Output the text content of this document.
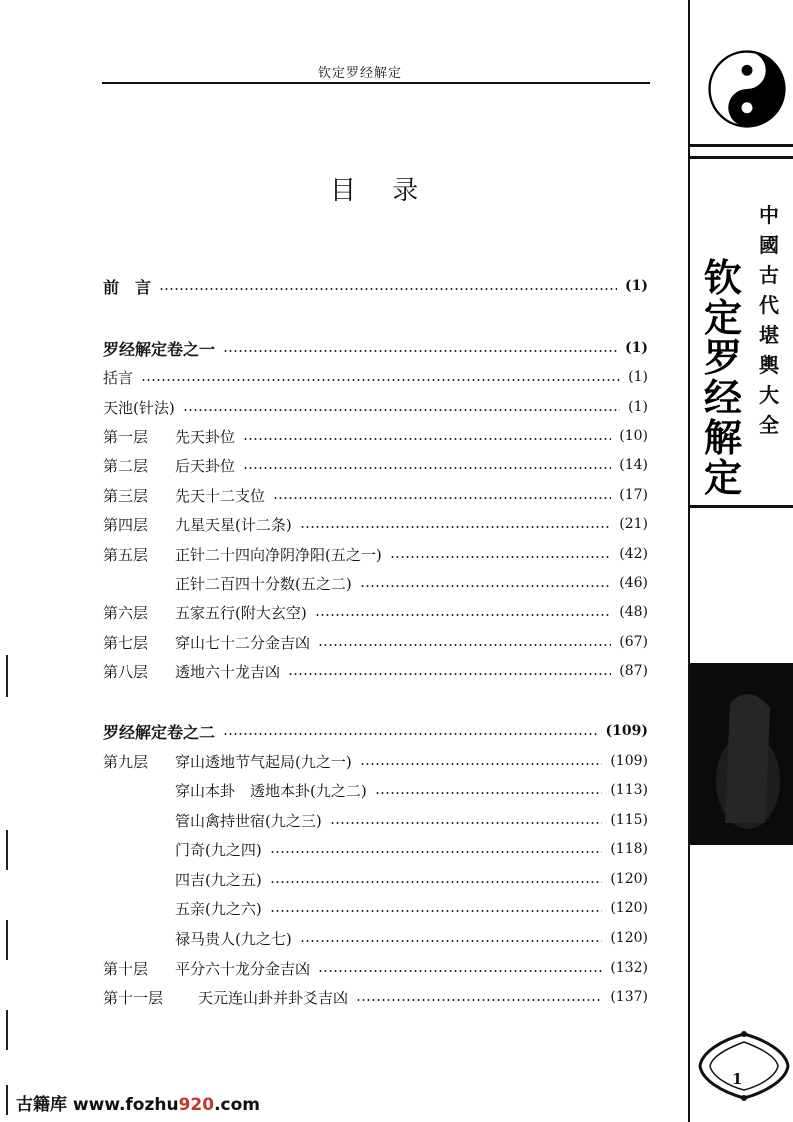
钦定罗经解定
目 录
前　言	(1)
罗经解定卷之一	(1)
括言	(1)
天池(针法)	(1)
第一层	先天卦位	(10)
第二层	后天卦位	(14)
第三层	先天十二支位	(17)
第四层	九星天星(计二条)	(21)
第五层	正针二十四向净阴净阳(五之一)	(42)
正针二百四十分数(五之二)	(46)
第六层	五家五行(附大玄空)	(48)
第七层	穿山七十二分金吉凶	(67)
第八层	透地六十龙吉凶	(87)
罗经解定卷之二	(109)
第九层	穿山透地节气起局(九之一)	(109)
穿山本卦　透地本卦(九之二)	(113)
管山禽持世宿(九之三)	(115)
门奇(九之四)	(118)
四吉(九之五)	(120)
五亲(九之六)	(120)
禄马贵人(九之七)	(120)
第十层	平分六十龙分金吉凶	(132)
第十一层	天元连山卦并卦爻吉凶	(137)
中國古代堪輿大全
钦定罗经解定
1
古籍库 www.fozhu920.com
